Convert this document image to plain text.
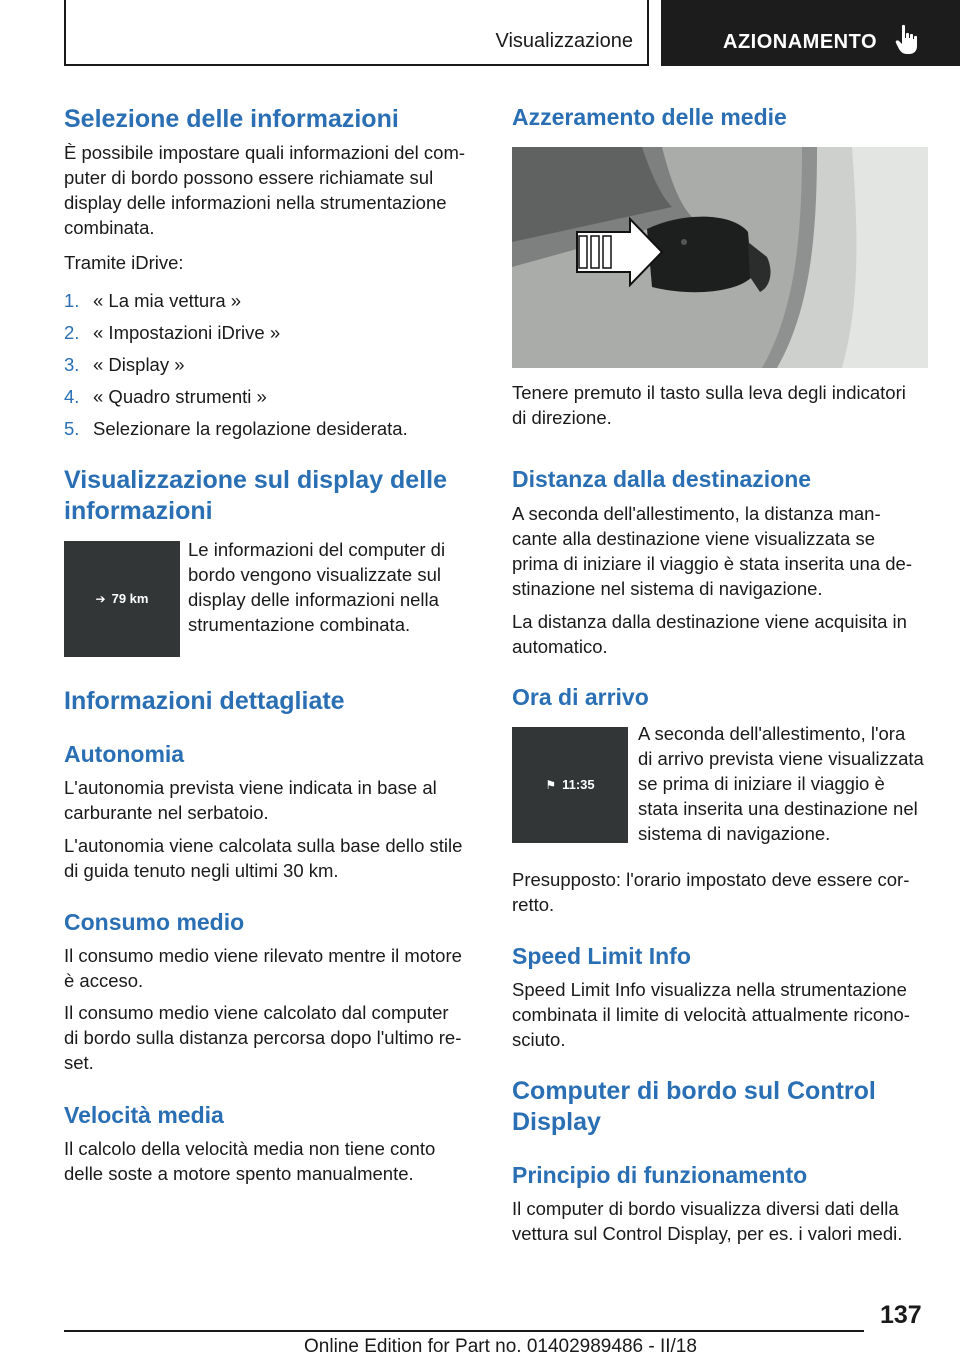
Visualizzazione	AZIONAMENTO
Selezione delle informazioni

È possibile impostare quali informazioni del com-

puter di bordo possono essere richiamate sul

display delle informazioni nella strumentazione

combinata.

Tramite iDrive:

1. « La mia vettura »
2. « Impostazioni iDrive »
3. « Display »
4. « Quadro strumenti »
5. Selezionare la regolazione desiderata.
Visualizzazione sul display delle
informazioni
➔ 79 km

Le informazioni del computer di

bordo vengono visualizzate sul

display delle informazioni nella

strumentazione combinata.

Informazioni dettagliate
Autonomia

L'autonomia prevista viene indicata in base al

carburante nel serbatoio.

L'autonomia viene calcolata sulla base dello stile

di guida tenuto negli ultimi 30 km.

Consumo medio

Il consumo medio viene rilevato mentre il motore

è acceso.

Il consumo medio viene calcolato dal computer

di bordo sulla distanza percorsa dopo l'ultimo re-

set.

Velocità media

Il calcolo della velocità media non tiene conto

delle soste a motore spento manualmente.

Azzeramento delle medie

Tenere premuto il tasto sulla leva degli indicatori

di direzione.

Distanza dalla destinazione

A seconda dell'allestimento, la distanza man-

cante alla destinazione viene visualizzata se

prima di iniziare il viaggio è stata inserita una de-

stinazione nel sistema di navigazione.

La distanza dalla destinazione viene acquisita in

automatico.

Ora di arrivo
⚑ 11:35

A seconda dell'allestimento, l'ora

di arrivo prevista viene visualizzata

se prima di iniziare il viaggio è

stata inserita una destinazione nel

sistema di navigazione.

Presupposto: l'orario impostato deve essere cor-

retto.

Speed Limit Info

Speed Limit Info visualizza nella strumentazione

combinata il limite di velocità attualmente ricono-

sciuto.

Computer di bordo sul Control
Display
Principio di funzionamento

Il computer di bordo visualizza diversi dati della

vettura sul Control Display, per es. i valori medi.

137
Online Edition for Part no. 01402989486 - II/18
